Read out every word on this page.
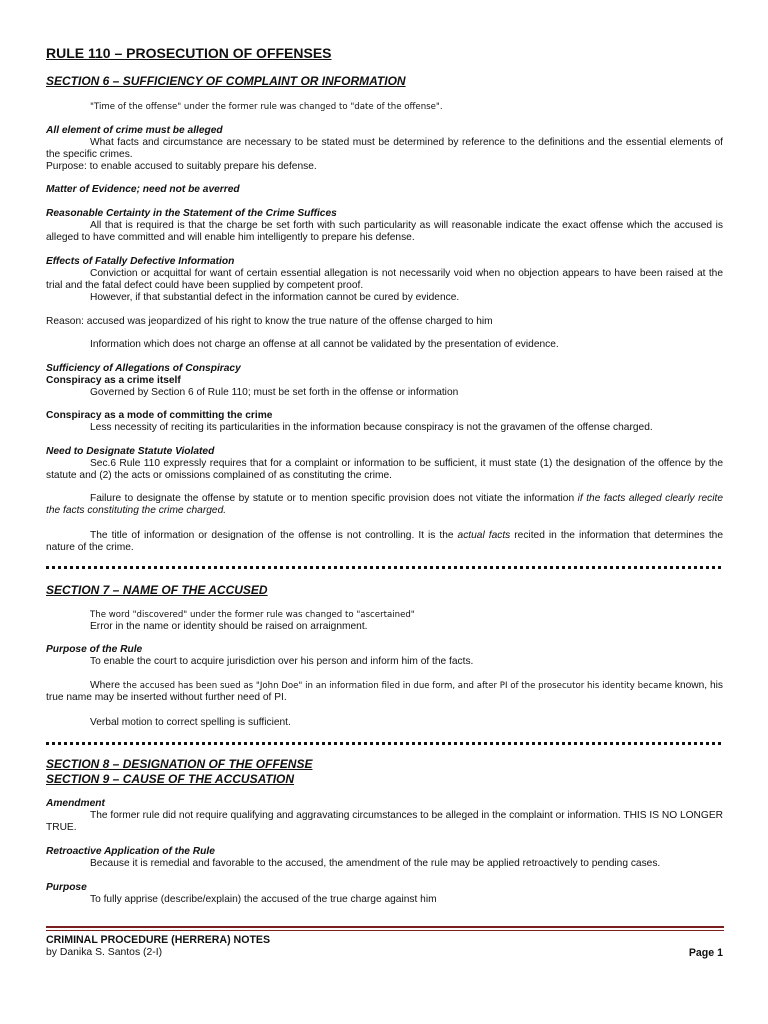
RULE 110 – PROSECUTION OF OFFENSES
SECTION 6 – SUFFICIENCY OF COMPLAINT OR INFORMATION
"Time of the offense" under the former rule was changed to "date of the offense".
All element of crime must be alleged
What facts and circumstance are necessary to be stated must be determined by reference to the definitions and the essential elements of the specific crimes.
Purpose: to enable accused to suitably prepare his defense.
Matter of Evidence; need not be averred
Reasonable Certainty in the Statement of the Crime Suffices
All that is required is that the charge be set forth with such particularity as will reasonable indicate the exact offense which the accused is alleged to have committed and will enable him intelligently to prepare his defense.
Effects of Fatally Defective Information
Conviction or acquittal for want of certain essential allegation is not necessarily void when no objection appears to have been raised at the trial and the fatal defect could have been supplied by competent proof.
However, if that substantial defect in the information cannot be cured by evidence.
Reason: accused was jeopardized of his right to know the true nature of the offense charged to him
Information which does not charge an offense at all cannot be validated by the presentation of evidence.
Sufficiency of Allegations of Conspiracy
Conspiracy as a crime itself
Governed by Section 6 of Rule 110; must be set forth in the offense or information
Conspiracy as a mode of committing the crime
Less necessity of reciting its particularities in the information because conspiracy is not the gravamen of the offense charged.
Need to Designate Statute Violated
Sec.6 Rule 110 expressly requires that for a complaint or information to be sufficient, it must state (1) the designation of the offence by the statute and (2) the acts or omissions complained of as constituting the crime.
Failure to designate the offense by statute or to mention specific provision does not vitiate the information if the facts alleged clearly recite the facts constituting the crime charged.
The title of information or designation of the offense is not controlling. It is the actual facts recited in the information that determines the nature of the crime.
SECTION 7 – NAME OF THE ACCUSED
The word "discovered" under the former rule was changed to "ascertained"
Error in the name or identity should be raised on arraignment.
Purpose of the Rule
To enable the court to acquire jurisdiction over his person and inform him of the facts.
Where the accused has been sued as "John Doe" in an information filed in due form, and after PI of the prosecutor his identity became known, his true name may be inserted without further need of PI.
Verbal motion to correct spelling is sufficient.
SECTION 8 – DESIGNATION OF THE OFFENSE
SECTION 9 – CAUSE OF THE ACCUSATION
Amendment
The former rule did not require qualifying and aggravating circumstances to be alleged in the complaint or information. THIS IS NO LONGER TRUE.
Retroactive Application of the Rule
Because it is remedial and favorable to the accused, the amendment of the rule may be applied retroactively to pending cases.
Purpose
To fully apprise (describe/explain) the accused of the true charge against him
CRIMINAL PROCEDURE (HERRERA) NOTES
by Danika S. Santos (2-I)	Page 1
